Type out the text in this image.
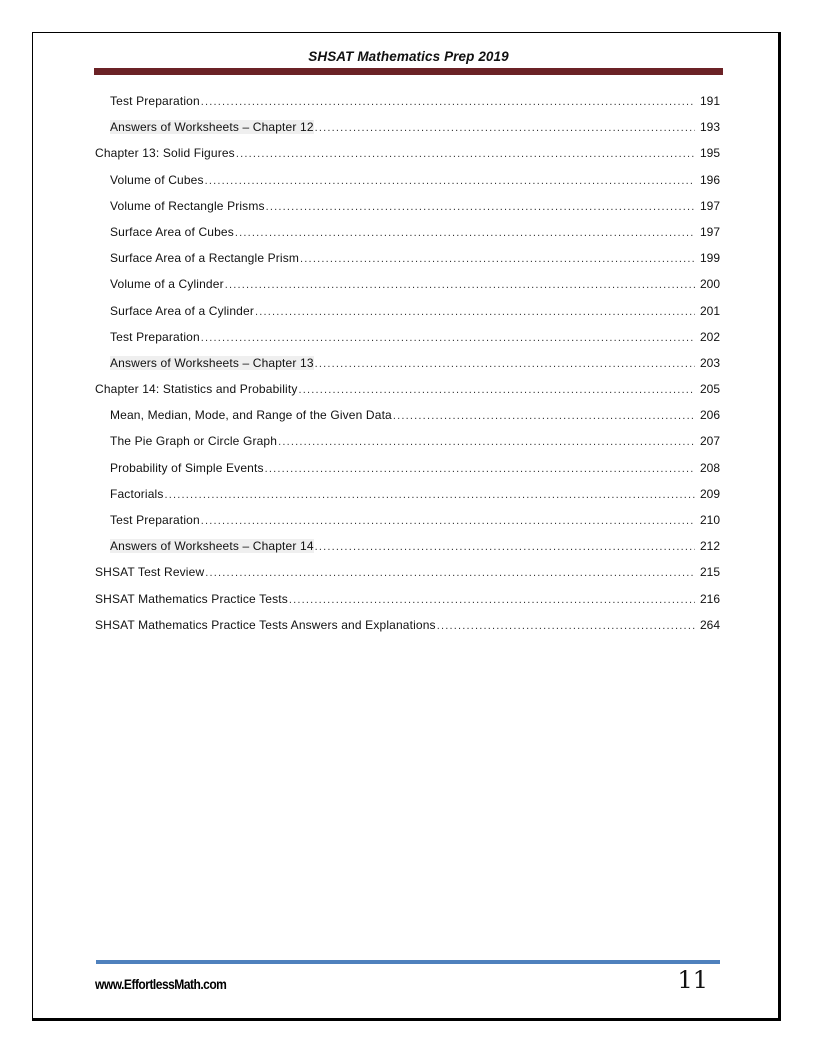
SHSAT Mathematics Prep 2019
Test Preparation .....	191
Answers of Worksheets – Chapter 12 .....	193
Chapter 13: Solid Figures .....	195
Volume of Cubes .....	196
Volume of Rectangle Prisms .....	197
Surface Area of Cubes .....	197
Surface Area of a Rectangle Prism .....	199
Volume of a Cylinder .....	200
Surface Area of a Cylinder .....	201
Test Preparation .....	202
Answers of Worksheets – Chapter 13 .....	203
Chapter 14: Statistics and Probability .....	205
Mean, Median, Mode, and Range of the Given Data .....	206
The Pie Graph or Circle Graph .....	207
Probability of Simple Events .....	208
Factorials .....	209
Test Preparation .....	210
Answers of Worksheets – Chapter 14 .....	212
SHSAT Test Review .....	215
SHSAT Mathematics Practice Tests .....	216
SHSAT Mathematics Practice Tests Answers and Explanations .....	264
www.EffortlessMath.com	11
